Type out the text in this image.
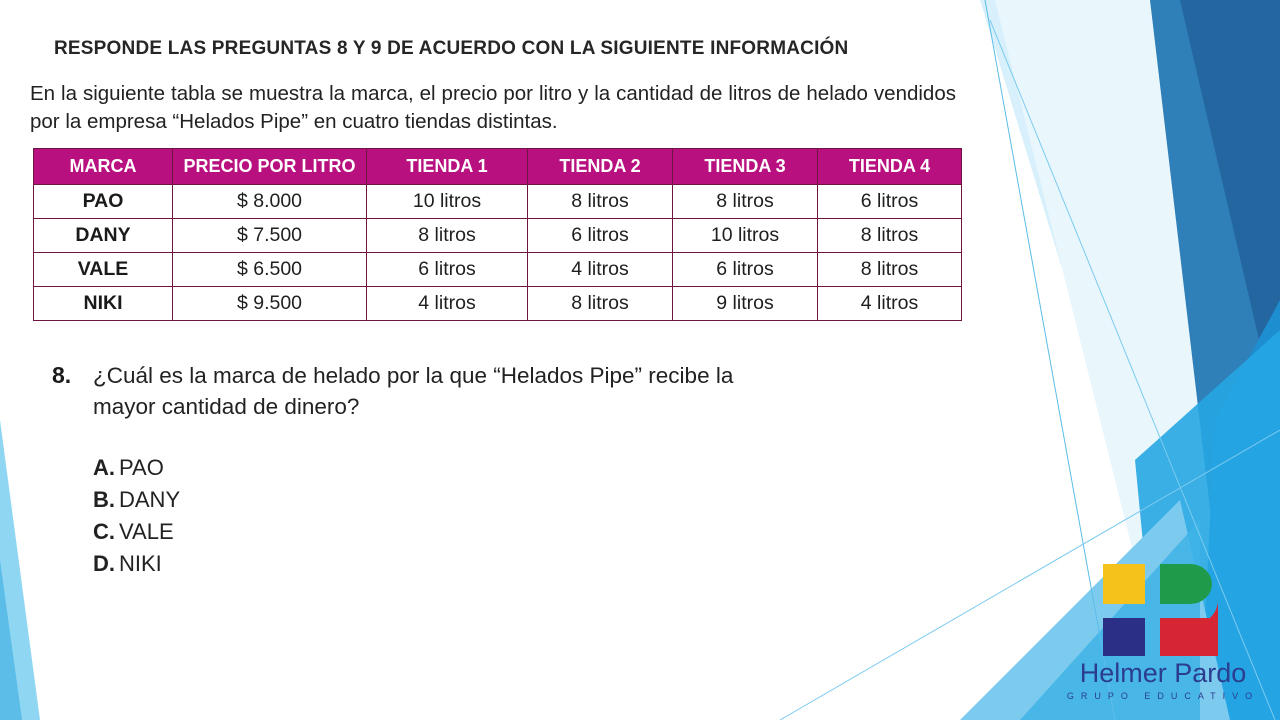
RESPONDE LAS PREGUNTAS 8 Y 9 DE ACUERDO CON LA SIGUIENTE INFORMACIÓN
En la siguiente tabla se muestra la marca, el precio por litro y la cantidad de litros de helado vendidos por la empresa “Helados Pipe” en cuatro tiendas distintas.
MARCA	PRECIO POR LITRO	TIENDA 1	TIENDA 2	TIENDA 3	TIENDA 4
PAO	$ 8.000	10 litros	8 litros	8 litros	6 litros
DANY	$ 7.500	8 litros	6 litros	10 litros	8 litros
VALE	$ 6.500	6 litros	4 litros	6 litros	8 litros
NIKI	$ 9.500	4 litros	8 litros	9 litros	4 litros
8. ¿Cuál es la marca de helado por la que “Helados Pipe” recibe la mayor cantidad de dinero?
A. PAO
B. DANY
C. VALE
D. NIKI
Helmer Pardo
GRUPO EDUCATIVO
